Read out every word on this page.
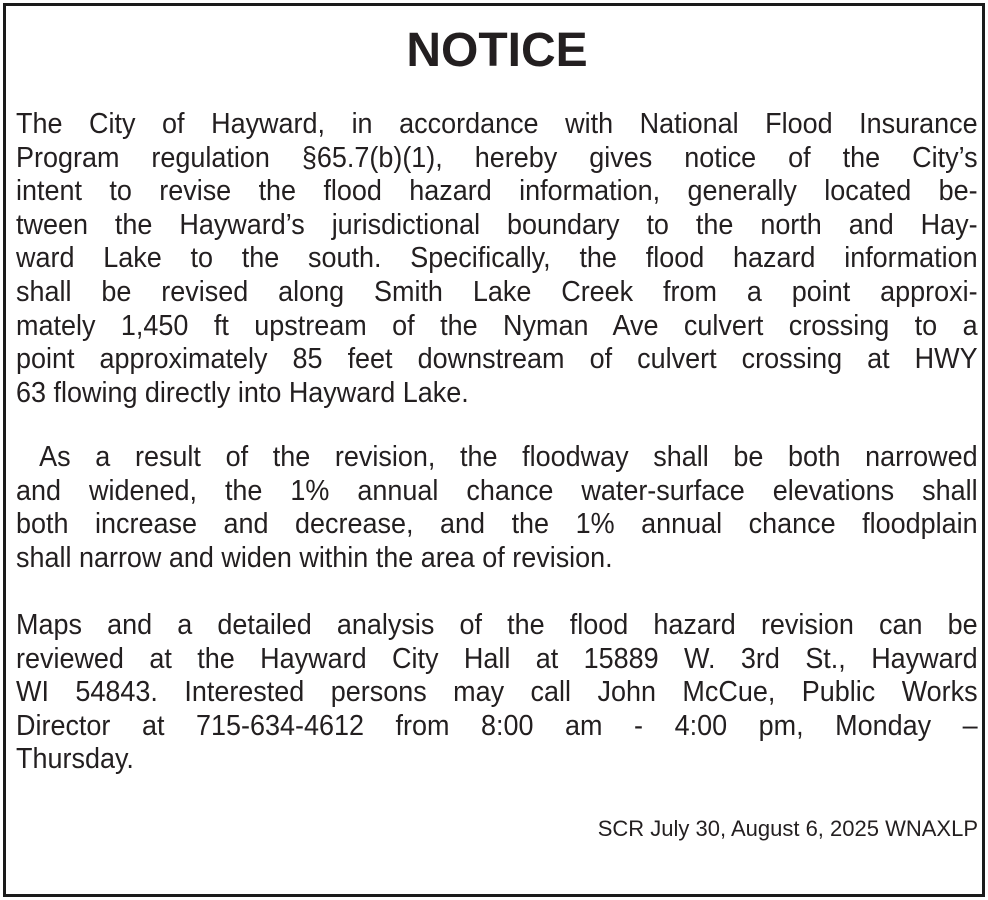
NOTICE
The City of Hayward, in accordance with National Flood Insurance
Program regulation §65.7(b)(1), hereby gives notice of the City’s
intent to revise the flood hazard information, generally located be-
tween the Hayward’s jurisdictional boundary to the north and Hay-
ward Lake to the south. Specifically, the flood hazard information
shall be revised along Smith Lake Creek from a point approxi-
mately 1,450 ft upstream of the Nyman Ave culvert crossing to a
point approximately 85 feet downstream of culvert crossing at HWY
63 flowing directly into Hayward Lake.
As a result of the revision, the floodway shall be both narrowed
and widened, the 1% annual chance water-surface elevations shall
both increase and decrease, and the 1% annual chance floodplain
shall narrow and widen within the area of revision.
Maps and a detailed analysis of the flood hazard revision can be
reviewed at the Hayward City Hall at 15889 W. 3rd St., Hayward
WI 54843. Interested persons may call John McCue, Public Works
Director at 715-634-4612 from 8:00 am - 4:00 pm, Monday –
Thursday.
SCR July 30, August 6, 2025 WNAXLP
